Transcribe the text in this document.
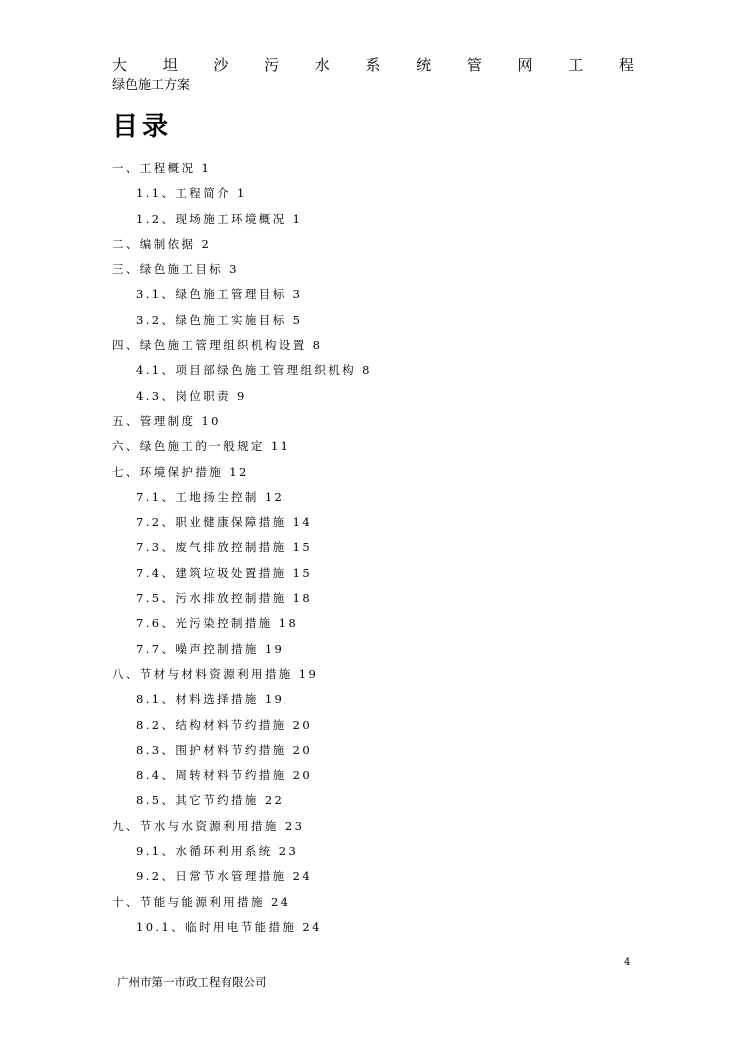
大 坦 沙 污 水 系 统 管 网 工 程
绿色施工方案
目录
一、工程概况 1
1.1、工程简介 1
1.2、现场施工环境概况 1
二、编制依据 2
三、绿色施工目标 3
3.1、绿色施工管理目标 3
3.2、绿色施工实施目标 5
四、绿色施工管理组织机构设置 8
4.1、项目部绿色施工管理组织机构 8
4.3、岗位职责 9
五、管理制度 10
六、绿色施工的一般规定 11
七、环境保护措施 12
7.1、工地扬尘控制 12
7.2、职业健康保障措施 14
7.3、废气排放控制措施 15
7.4、建筑垃圾处置措施 15
7.5、污水排放控制措施 18
7.6、光污染控制措施 18
7.7、噪声控制措施 19
八、节材与材料资源利用措施 19
8.1、材料选择措施 19
8.2、结构材料节约措施 20
8.3、围护材料节约措施 20
8.4、周转材料节约措施 20
8.5、其它节约措施 22
九、节水与水资源利用措施 23
9.1、水循环利用系统 23
9.2、日常节水管理措施 24
十、节能与能源利用措施 24
10.1、临时用电节能措施 24
4
广州市第一市政工程有限公司
